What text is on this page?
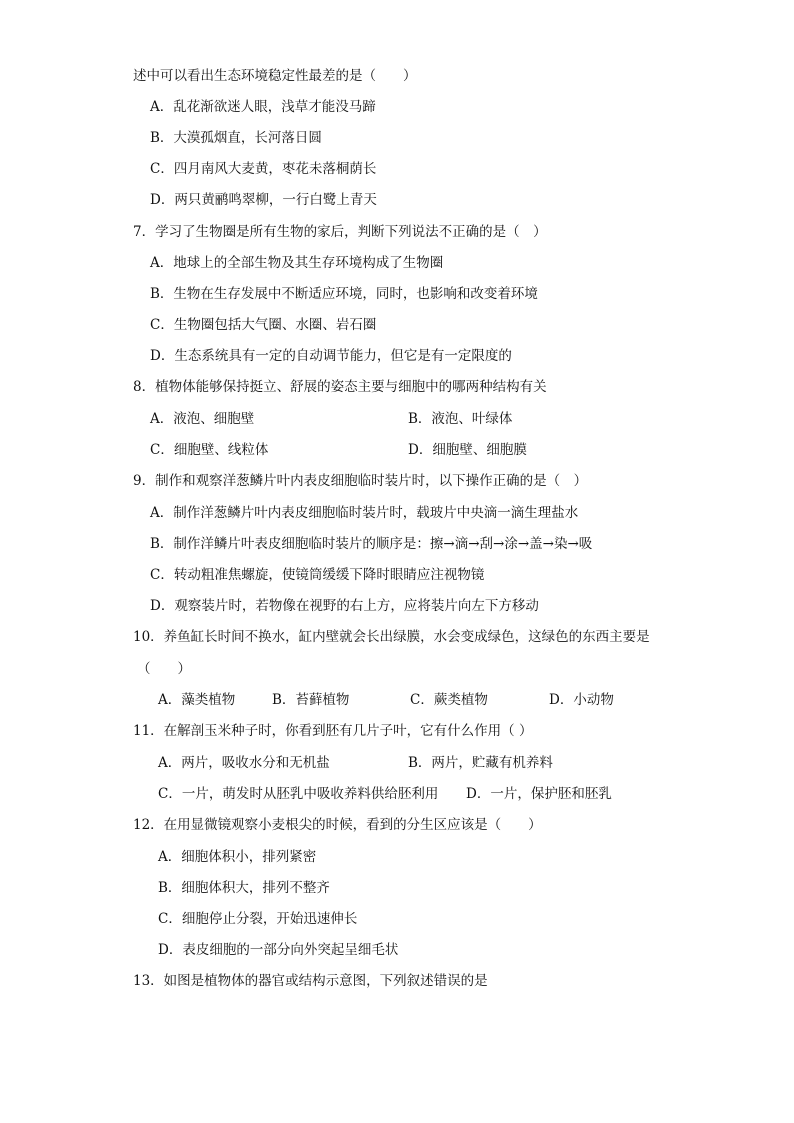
述中可以看出生态环境稳定性最差的是（　　）
A．乱花渐欲迷人眼，浅草才能没马蹄
B．大漠孤烟直，长河落日圆
C．四月南风大麦黄，枣花未落桐荫长
D．两只黄鹂鸣翠柳，一行白鹭上青天
7．学习了生物圈是所有生物的家后，判断下列说法不正确的是（　）
A．地球上的全部生物及其生存环境构成了生物圈
B．生物在生存发展中不断适应环境，同时，也影响和改变着环境
C．生物圈包括大气圈、水圈、岩石圈
D．生态系统具有一定的自动调节能力，但它是有一定限度的
8．植物体能够保持挺立、舒展的姿态主要与细胞中的哪两种结构有关
A．液泡、细胞壁	B．液泡、叶绿体
C．细胞壁、线粒体	D．细胞壁、细胞膜
9．制作和观察洋葱鳞片叶内表皮细胞临时装片时，以下操作正确的是（　）
A．制作洋葱鳞片叶内表皮细胞临时装片时，载玻片中央滴一滴生理盐水
B．制作洋鳞片叶表皮细胞临时装片的顺序是：擦→滴→刮→涂→盖→染→吸
C．转动粗准焦螺旋，使镜筒缓缓下降时眼睛应注视物镜
D．观察装片时，若物像在视野的右上方，应将装片向左下方移动
10．养鱼缸长时间不换水，缸内壁就会长出绿膜，水会变成绿色，这绿色的东西主要是
（　　）
A．藻类植物	B．苔藓植物	C．蕨类植物	D．小动物
11．在解剖玉米种子时，你看到胚有几片子叶，它有什么作用（ ）
A．两片，吸收水分和无机盐	B．两片，贮藏有机养料
C．一片，萌发时从胚乳中吸收养料供给胚利用 D．一片，保护胚和胚乳
12．在用显微镜观察小麦根尖的时候，看到的分生区应该是（　　）
A．细胞体积小，排列紧密
B．细胞体积大，排列不整齐
C．细胞停止分裂，开始迅速伸长
D．表皮细胞的一部分向外突起呈细毛状
13．如图是植物体的器官或结构示意图，下列叙述错误的是
